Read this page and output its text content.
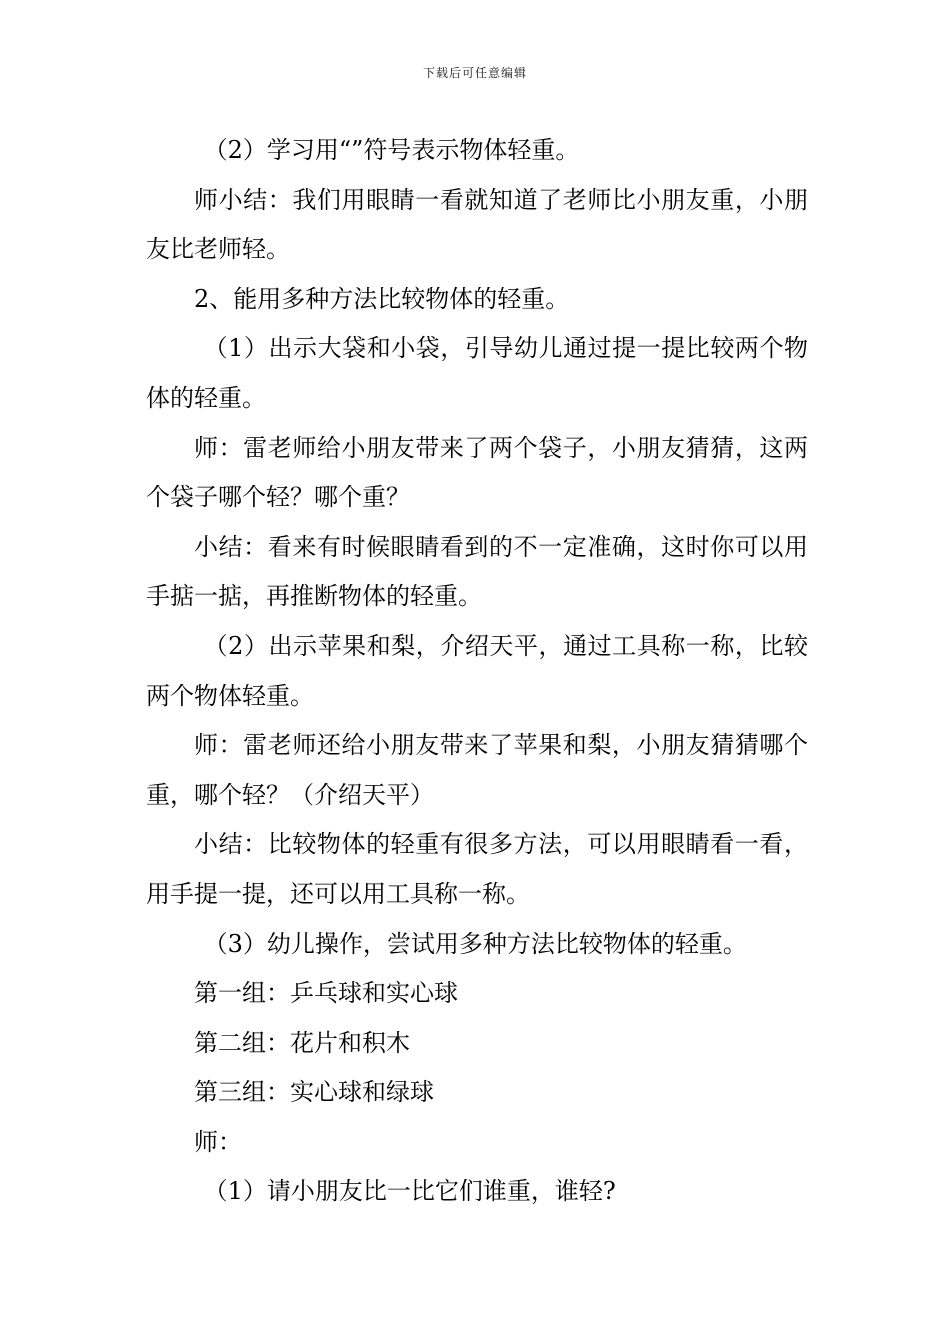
下载后可任意编辑

（2）学习用“”符号表示物体轻重。

师小结：我们用眼睛一看就知道了老师比小朋友重，小朋友比老师轻。

2、能用多种方法比较物体的轻重。

（1）出示大袋和小袋，引导幼儿通过提一提比较两个物体的轻重。

师：雷老师给小朋友带来了两个袋子，小朋友猜猜，这两个袋子哪个轻？哪个重？

小结：看来有时候眼睛看到的不一定准确，这时你可以用手掂一掂，再推断物体的轻重。

（2）出示苹果和梨，介绍天平，通过工具称一称，比较两个物体轻重。

师：雷老师还给小朋友带来了苹果和梨，小朋友猜猜哪个重，哪个轻？（介绍天平）

小结：比较物体的轻重有很多方法，可以用眼睛看一看，用手提一提，还可以用工具称一称。

（3）幼儿操作，尝试用多种方法比较物体的轻重。

第一组：乒乓球和实心球

第二组：花片和积木

第三组：实心球和绿球

师：

（1）请小朋友比一比它们谁重，谁轻?
